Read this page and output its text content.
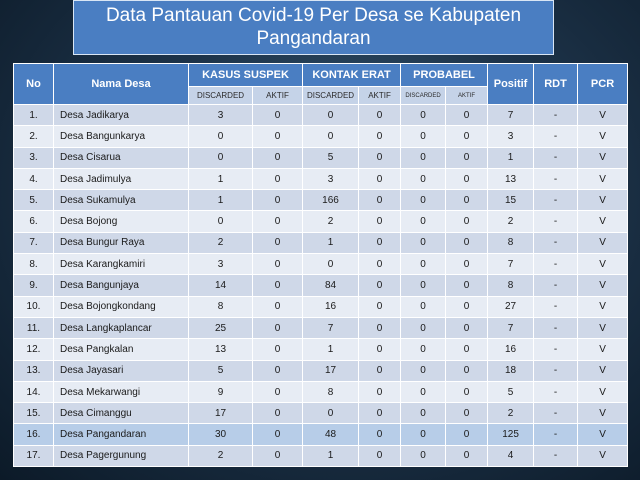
Data Pantauan Covid-19 Per Desa se Kabupaten
Pangandaran
No	Nama Desa	KASUS SUSPEK		KONTAK ERAT		PROBABEL		Positif	RDT	PCR
		DISCARDED	AKTIF	DISCARDED	AKTIF	DISCARDED	AKTIF			
1.	Desa Jadikarya	3	0	0	0	0	0	7	-	V
2.	Desa Bangunkarya	0	0	0	0	0	0	3	-	V
3.	Desa Cisarua	0	0	5	0	0	0	1	-	V
4.	Desa Jadimulya	1	0	3	0	0	0	13	-	V
5.	Desa Sukamulya	1	0	166	0	0	0	15	-	V
6.	Desa Bojong	0	0	2	0	0	0	2	-	V
7.	Desa Bungur Raya	2	0	1	0	0	0	8	-	V
8.	Desa Karangkamiri	3	0	0	0	0	0	7	-	V
9.	Desa Bangunjaya	14	0	84	0	0	0	8	-	V
10.	Desa Bojongkondang	8	0	16	0	0	0	27	-	V
11.	Desa Langkaplancar	25	0	7	0	0	0	7	-	V
12.	Desa Pangkalan	13	0	1	0	0	0	16	-	V
13.	Desa Jayasari	5	0	17	0	0	0	18	-	V
14.	Desa Mekarwangi	9	0	8	0	0	0	5	-	V
15.	Desa Cimanggu	17	0	0	0	0	0	2	-	V
16.	Desa Pangandaran	30	0	48	0	0	0	125	-	V
17.	Desa Pagergunung	2	0	1	0	0	0	4	-	V
